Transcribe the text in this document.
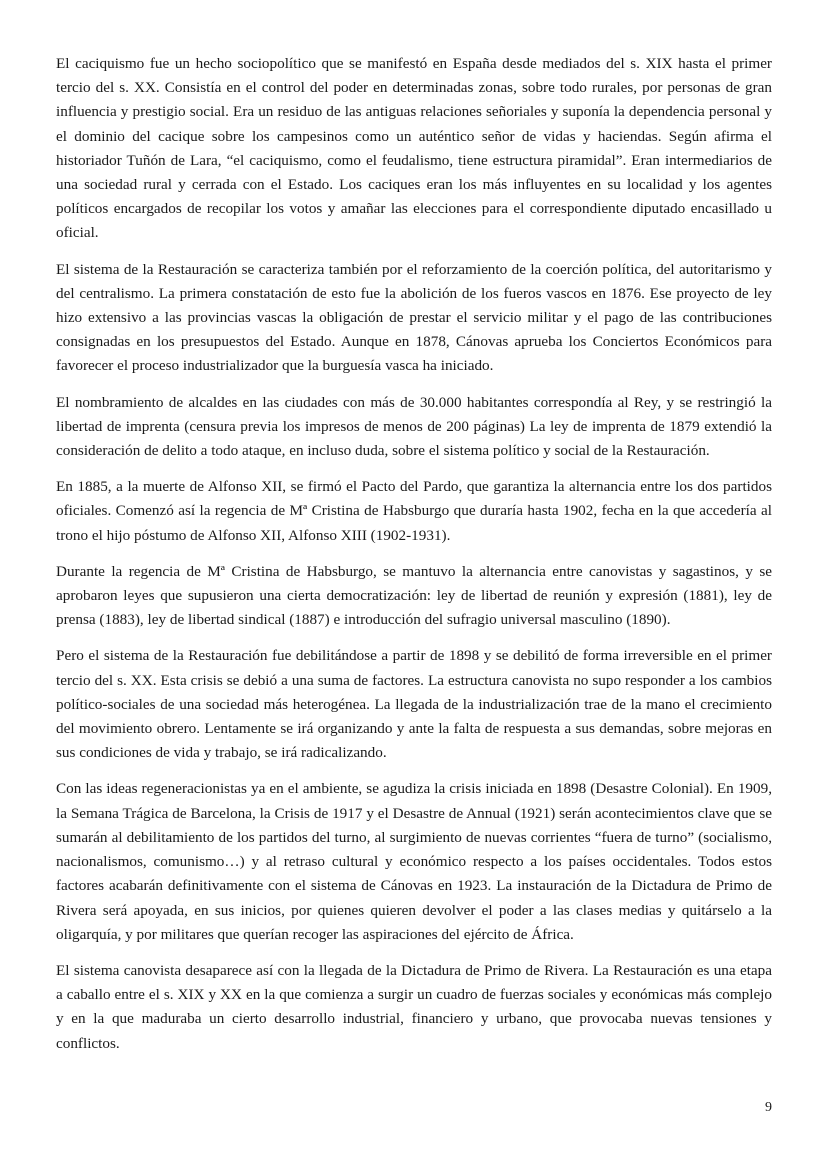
El caciquismo fue un hecho sociopolítico que se manifestó en España desde mediados del s. XIX hasta el primer tercio del s. XX. Consistía en el control del poder en determinadas zonas, sobre todo rurales, por personas de gran influencia y prestigio social. Era un residuo de las antiguas relaciones señoriales y suponía la dependencia personal y el dominio del cacique sobre los campesinos como un auténtico señor de vidas y haciendas. Según afirma el historiador Tuñón de Lara, “el caciquismo, como el feudalismo, tiene estructura piramidal”. Eran intermediarios de una sociedad rural y cerrada con el Estado. Los caciques eran los más influyentes en su localidad y los agentes políticos encargados de recopilar los votos y amañar las elecciones para el correspondiente diputado encasillado u oficial.

El sistema de la Restauración se caracteriza también por el reforzamiento de la coerción política, del autoritarismo y del centralismo. La primera constatación de esto fue la abolición de los fueros vascos en 1876. Ese proyecto de ley hizo extensivo a las provincias vascas la obligación de prestar el servicio militar y el pago de las contribuciones consignadas en los presupuestos del Estado. Aunque en 1878, Cánovas aprueba los Conciertos Económicos para favorecer el proceso industrializador que la burguesía vasca ha iniciado.

El nombramiento de alcaldes en las ciudades con más de 30.000 habitantes correspondía al Rey, y se restringió la libertad de imprenta (censura previa los impresos de menos de 200 páginas) La ley de imprenta de 1879 extendió la consideración de delito a todo ataque, en incluso duda, sobre el sistema político y social de la Restauración.

En 1885, a la muerte de Alfonso XII, se firmó el Pacto del Pardo, que garantiza la alternancia entre los dos partidos oficiales. Comenzó así la regencia de Mª Cristina de Habsburgo que duraría hasta 1902, fecha en la que accedería al trono el hijo póstumo de Alfonso XII, Alfonso XIII (1902-1931).

Durante la regencia de Mª Cristina de Habsburgo, se mantuvo la alternancia entre canovistas y sagastinos, y se aprobaron leyes que supusieron una cierta democratización: ley de libertad de reunión y expresión (1881), ley de prensa (1883), ley de libertad sindical (1887) e introducción del sufragio universal masculino (1890).

Pero el sistema de la Restauración fue debilitándose a partir de 1898 y se debilitó de forma irreversible en el primer tercio del s. XX. Esta crisis se debió a una suma de factores. La estructura canovista no supo responder a los cambios político-sociales de una sociedad más heterogénea. La llegada de la industrialización trae de la mano el crecimiento del movimiento obrero. Lentamente se irá organizando y ante la falta de respuesta a sus demandas, sobre mejoras en sus condiciones de vida y trabajo, se irá radicalizando.

Con las ideas regeneracionistas ya en el ambiente, se agudiza la crisis iniciada en 1898 (Desastre Colonial). En 1909, la Semana Trágica de Barcelona, la Crisis de 1917 y el Desastre de Annual (1921) serán acontecimientos clave que se sumarán al debilitamiento de los partidos del turno, al surgimiento de nuevas corrientes “fuera de turno” (socialismo, nacionalismos, comunismo…) y al retraso cultural y económico respecto a los países occidentales. Todos estos factores acabarán definitivamente con el sistema de Cánovas en 1923. La instauración de la Dictadura de Primo de Rivera será apoyada, en sus inicios, por quienes quieren devolver el poder a las clases medias y quitárselo a la oligarquía, y por militares que querían recoger las aspiraciones del ejército de África.

El sistema canovista desaparece así con la llegada de la Dictadura de Primo de Rivera. La Restauración es una etapa a caballo entre el s. XIX y XX en la que comienza a surgir un cuadro de fuerzas sociales y económicas más complejo y en la que maduraba un cierto desarrollo industrial, financiero y urbano, que provocaba nuevas tensiones y conflictos.

9
